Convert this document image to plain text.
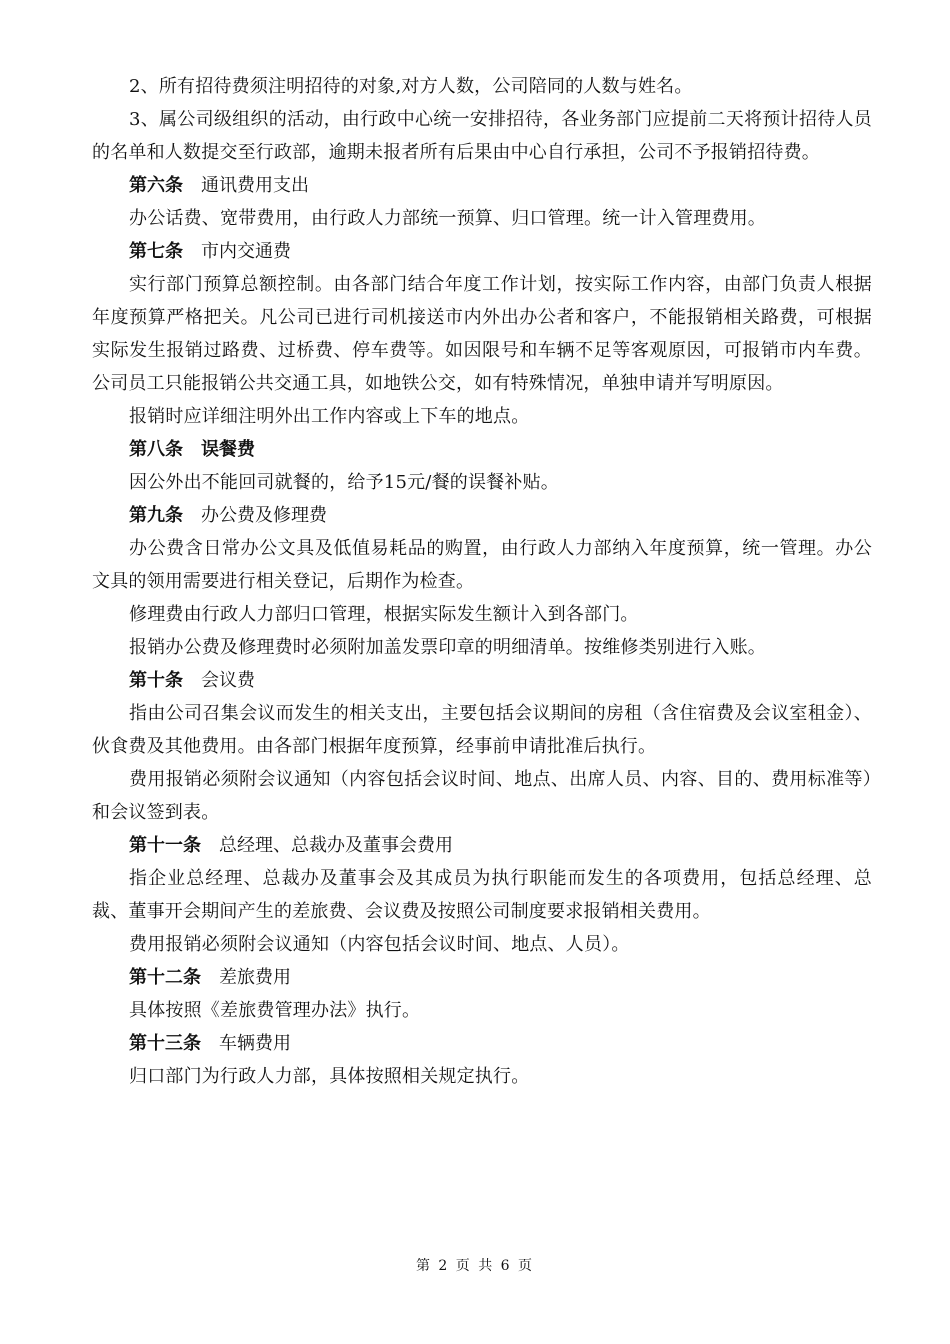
2、所有招待费须注明招待的对象,对方人数，公司陪同的人数与姓名。

3、属公司级组织的活动，由行政中心统一安排招待，各业务部门应提前二天将预计招待人员的名单和人数提交至行政部，逾期未报者所有后果由中心自行承担，公司不予报销招待费。

第六条 通讯费用支出

办公话费、宽带费用，由行政人力部统一预算、归口管理。统一计入管理费用。

第七条 市内交通费

实行部门预算总额控制。由各部门结合年度工作计划，按实际工作内容，由部门负责人根据年度预算严格把关。凡公司已进行司机接送市内外出办公者和客户，不能报销相关路费，可根据实际发生报销过路费、过桥费、停车费等。如因限号和车辆不足等客观原因，可报销市内车费。公司员工只能报销公共交通工具，如地铁公交，如有特殊情况，单独申请并写明原因。

报销时应详细注明外出工作内容或上下车的地点。

第八条 误餐费

因公外出不能回司就餐的，给予15元/餐的误餐补贴。

第九条 办公费及修理费

办公费含日常办公文具及低值易耗品的购置，由行政人力部纳入年度预算，统一管理。办公文具的领用需要进行相关登记，后期作为检查。

修理费由行政人力部归口管理，根据实际发生额计入到各部门。

报销办公费及修理费时必须附加盖发票印章的明细清单。按维修类别进行入账。

第十条 会议费

指由公司召集会议而发生的相关支出，主要包括会议期间的房租（含住宿费及会议室租金）、伙食费及其他费用。由各部门根据年度预算，经事前申请批准后执行。

费用报销必须附会议通知（内容包括会议时间、地点、出席人员、内容、目的、费用标准等）和会议签到表。

第十一条 总经理、总裁办及董事会费用

指企业总经理、总裁办及董事会及其成员为执行职能而发生的各项费用，包括总经理、总裁、董事开会期间产生的差旅费、会议费及按照公司制度要求报销相关费用。

费用报销必须附会议通知（内容包括会议时间、地点、人员）。

第十二条 差旅费用

具体按照《差旅费管理办法》执行。

第十三条 车辆费用

归口部门为行政人力部，具体按照相关规定执行。

第 2 页 共 6 页
